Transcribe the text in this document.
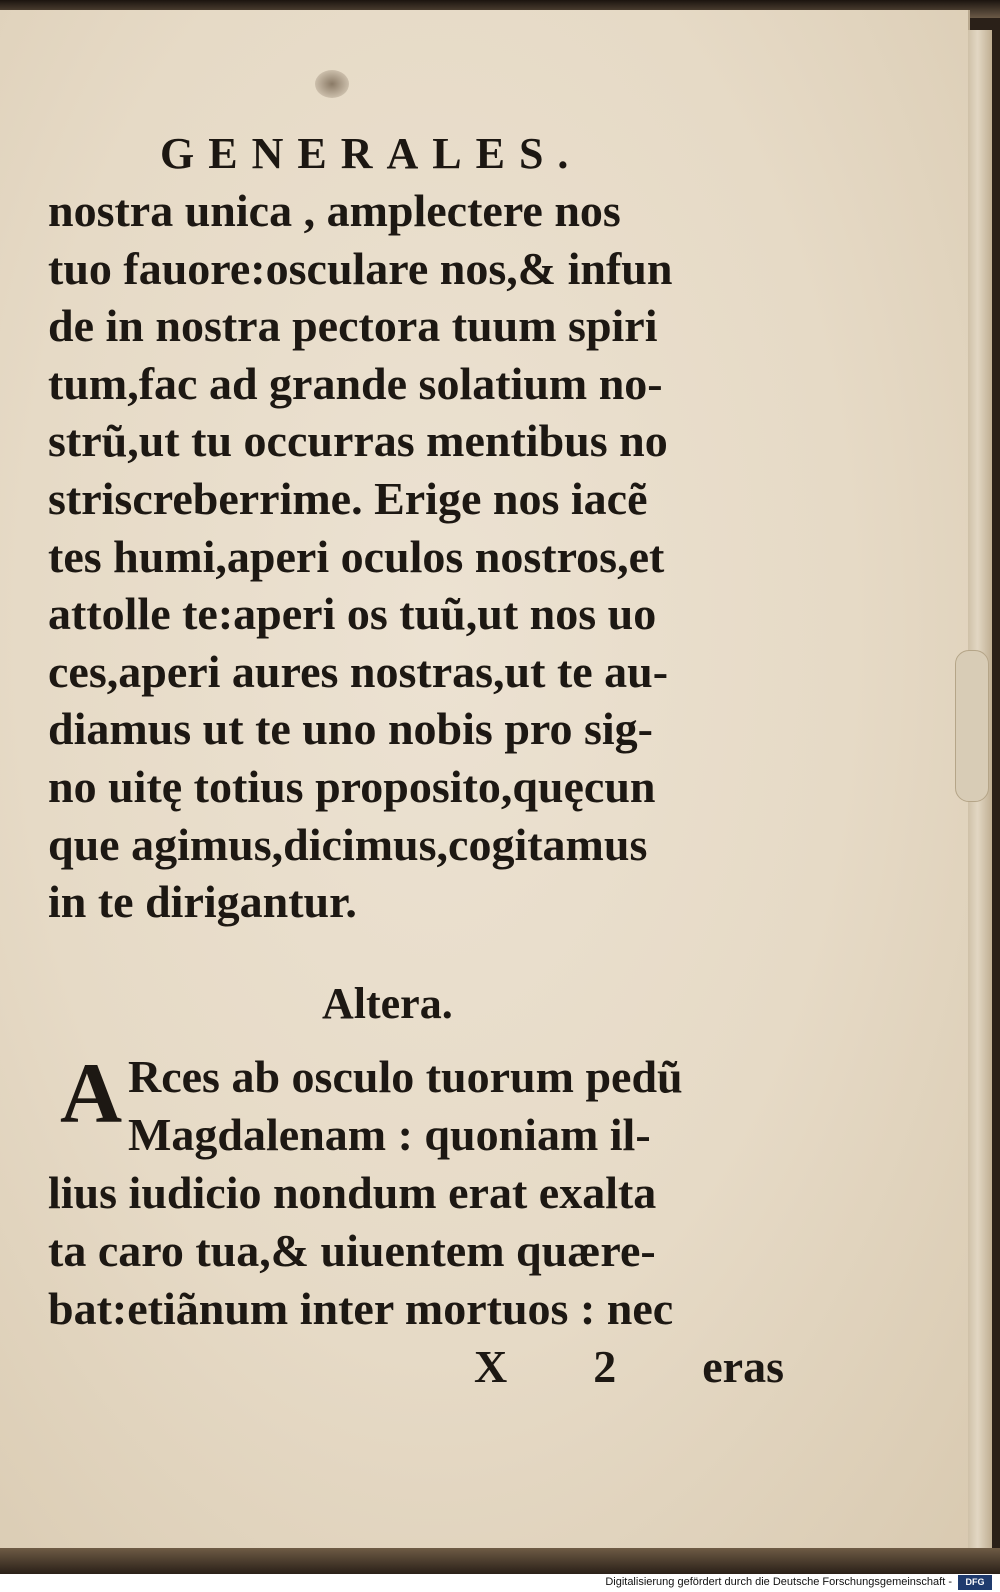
GENERALES.
nostra unica , amplectere nos
tuo fauore:osculare nos,& infun
de in nostra pectora tuum spiri
tum,fac ad grande solatium no-
strũ,ut tu occurras mentibus no
striscreberrime. Erige nos iacẽ
tes humi,aperi oculos nostros,et
attolle te:aperi os tuũ,ut nos uo
ces,aperi aures nostras,ut te au-
diamus ut te uno nobis pro sig-
no uitę totius proposito,quęcun
que agimus,dicimus,cogitamus
in te dirigantur.
Altera.
A Rces ab osculo tuorum pedũ
Magdalenam : quoniam il-
lius iudicio nondum erat exalta
ta caro tua,& uiuentem quære-
bat:etiãnum inter mortuos : nec
X 2 eras
Digitalisierung gefördert durch die Deutsche Forschungsgemeinschaft -	DFG
